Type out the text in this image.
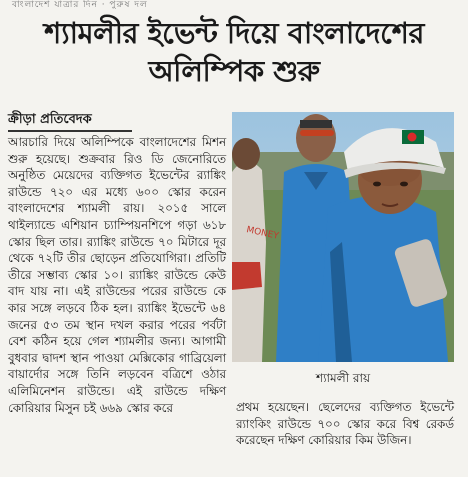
বাংলাদেশ যাত্রার দিন · পুরুষ দল
শ্যামলীর ইভেন্ট দিয়ে বাংলাদেশের
অলিম্পিক শুরু
ক্রীড়া প্রতিবেদক
আরচারি দিয়ে অলিম্পিকে বাংলাদেশের মিশন শুরু হয়েছে। শুক্রবার রিও ডি জেনোরিতে অনুষ্ঠিত মেয়েদের ব্যক্তিগত ইভেন্টের র‌্যাঙ্কিং রাউন্ডে ৭২০ এর মধ্যে ৬০০ স্কোর করেন বাংলাদেশের শ্যামলী রায়। ২০১৫ সালে থাইল্যান্ডে এশিয়ান চ্যাম্পিয়নশিপে গড়া ৬১৮ স্কোর ছিল তার। র‌্যাঙ্কিং রাউন্ডে ৭০ মিটারে দূর থেকে ৭২টি তীর ছোড়েন প্রতিযোগিরা। প্রতিটি তীরে সম্ভাব্য স্কোর ১০। র‌্যাঙ্কিং রাউন্ডে কেউ বাদ যায় না। এই রাউন্ডের পরের রাউন্ডে কে কার সঙ্গে লড়বে ঠিক হল। র‌্যাঙ্কিং ইভেন্টে ৬৪ জনের ৫৩ তম স্থান দখল করার পরের পর্বটা বেশ কঠিন হয়ে গেল শ্যামলীর জন্য। আগামী বুধবার দ্বাদশ স্থান পাওয়া মেক্সিকোর গাব্রিয়েলা বায়ার্দোর সঙ্গে তিনি লড়বেন বত্রিশে ওঠার এলিমিনেশন রাউন্ডে। এই রাউন্ডে দক্ষিণ কোরিয়ার মিসুন চই ৬৬৯ স্কোর করে
MONEY
শ্যামলী রায়
প্রথম হয়েছেন। ছেলেদের ব্যক্তিগত ইভেন্টে র‌্যাংকিং রাউন্ডে ৭০০ স্কোর করে বিশ্ব রেকর্ড করেছেন দক্ষিণ কোরিয়ার কিম উজিন।
